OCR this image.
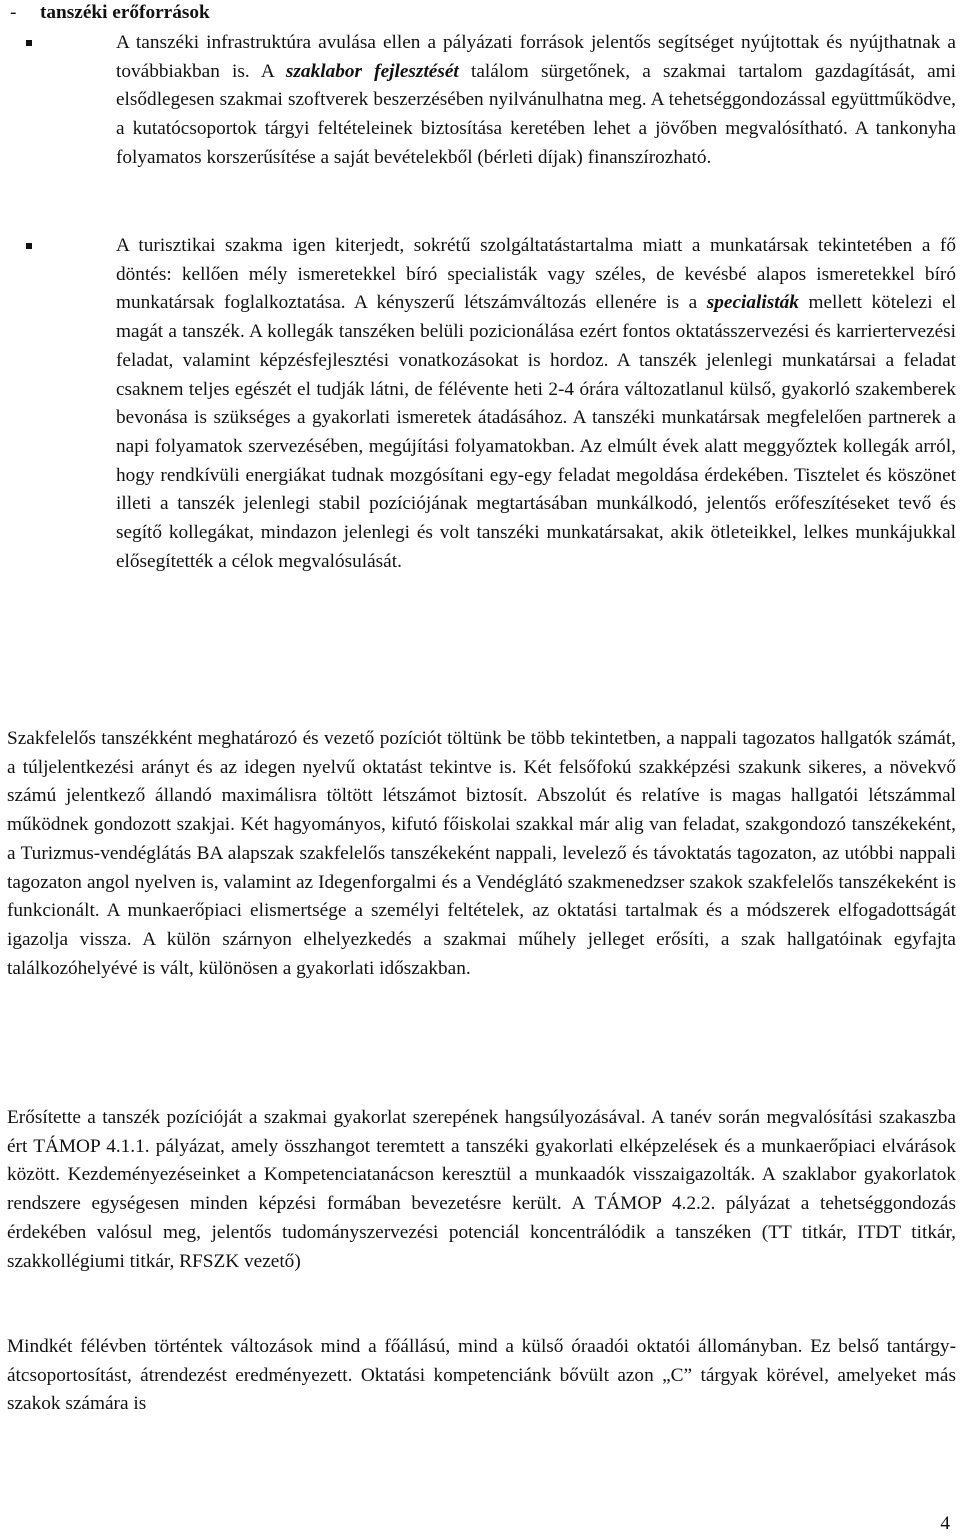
- tanszéki erőforrások

A tanszéki infrastruktúra avulása ellen a pályázati források jelentős segítséget nyújtottak és nyújthatnak a továbbiakban is. A szaklabor fejlesztését találom sürgetőnek, a szakmai tartalom gazdagítását, ami elsődlegesen szakmai szoftverek beszerzésében nyilvánulhatna meg. A tehetséggondozással együttműködve, a kutatócsoportok tárgyi feltételeinek biztosítása keretében lehet a jövőben megvalósítható. A tankonyha folyamatos korszerűsítése a saját bevételekből (bérleti díjak) finanszírozható.

A turisztikai szakma igen kiterjedt, sokrétű szolgáltatástartalma miatt a munkatársak tekintetében a fő döntés: kellően mély ismeretekkel bíró specialisták vagy széles, de kevésbé alapos ismeretekkel bíró munkatársak foglalkoztatása. A kényszerű létszámváltozás ellenére is a specialisták mellett kötelezi el magát a tanszék. A kollegák tanszéken belüli pozicionálása ezért fontos oktatásszervezési és karriertervezési feladat, valamint képzésfejlesztési vonatkozásokat is hordoz. A tanszék jelenlegi munkatársai a feladat csaknem teljes egészét el tudják látni, de félévente heti 2-4 órára változatlanul külső, gyakorló szakemberek bevonása is szükséges a gyakorlati ismeretek átadásához. A tanszéki munkatársak megfelelően partnerek a napi folyamatok szervezésében, megújítási folyamatokban. Az elmúlt évek alatt meggyőztek kollegák arról, hogy rendkívüli energiákat tudnak mozgósítani egy-egy feladat megoldása érdekében. Tisztelet és köszönet illeti a tanszék jelenlegi stabil pozíciójának megtartásában munkálkodó, jelentős erőfeszítéseket tevő és segítő kollegákat, mindazon jelenlegi és volt tanszéki munkatársakat, akik ötleteikkel, lelkes munkájukkal elősegítették a célok megvalósulását.

Szakfelelős tanszékként meghatározó és vezető pozíciót töltünk be több tekintetben, a nappali tagozatos hallgatók számát, a túljelentkezési arányt és az idegen nyelvű oktatást tekintve is. Két felsőfokú szakképzési szakunk sikeres, a növekvő számú jelentkező állandó maximálisra töltött létszámot biztosít. Abszolút és relatíve is magas hallgatói létszámmal működnek gondozott szakjai. Két hagyományos, kifutó főiskolai szakkal már alig van feladat, szakgondozó tanszékeként, a Turizmus-vendéglátás BA alapszak szakfelelős tanszékeként nappali, levelező és távoktatás tagozaton, az utóbbi nappali tagozaton angol nyelven is, valamint az Idegenforgalmi és a Vendéglátó szakmenedzser szakok szakfelelős tanszékeként is funkcionált. A munkaerőpiaci elismertsége a személyi feltételek, az oktatási tartalmak és a módszerek elfogadottságát igazolja vissza. A külön szárnyon elhelyezkedés a szakmai műhely jelleget erősíti, a szak hallgatóinak egyfajta találkozóhelyévé is vált, különösen a gyakorlati időszakban.

Erősítette a tanszék pozícióját a szakmai gyakorlat szerepének hangsúlyozásával. A tanév során megvalósítási szakaszba ért TÁMOP 4.1.1. pályázat, amely összhangot teremtett a tanszéki gyakorlati elképzelések és a munkaerőpiaci elvárások között. Kezdeményezéseinket a Kompetenciatanácson keresztül a munkaadók visszaigazolták. A szaklabor gyakorlatok rendszere egységesen minden képzési formában bevezetésre került. A TÁMOP 4.2.2. pályázat a tehetséggondozás érdekében valósul meg, jelentős tudományszervezési potenciál koncentrálódik a tanszéken (TT titkár, ITDT titkár, szakkollégiumi titkár, RFSZK vezető)

Mindkét félévben történtek változások mind a főállású, mind a külső óraadói oktatói állományban. Ez belső tantárgy-átcsoportosítást, átrendezést eredményezett. Oktatási kompetenciánk bővült azon „C” tárgyak körével, amelyeket más szakok számára is

4
